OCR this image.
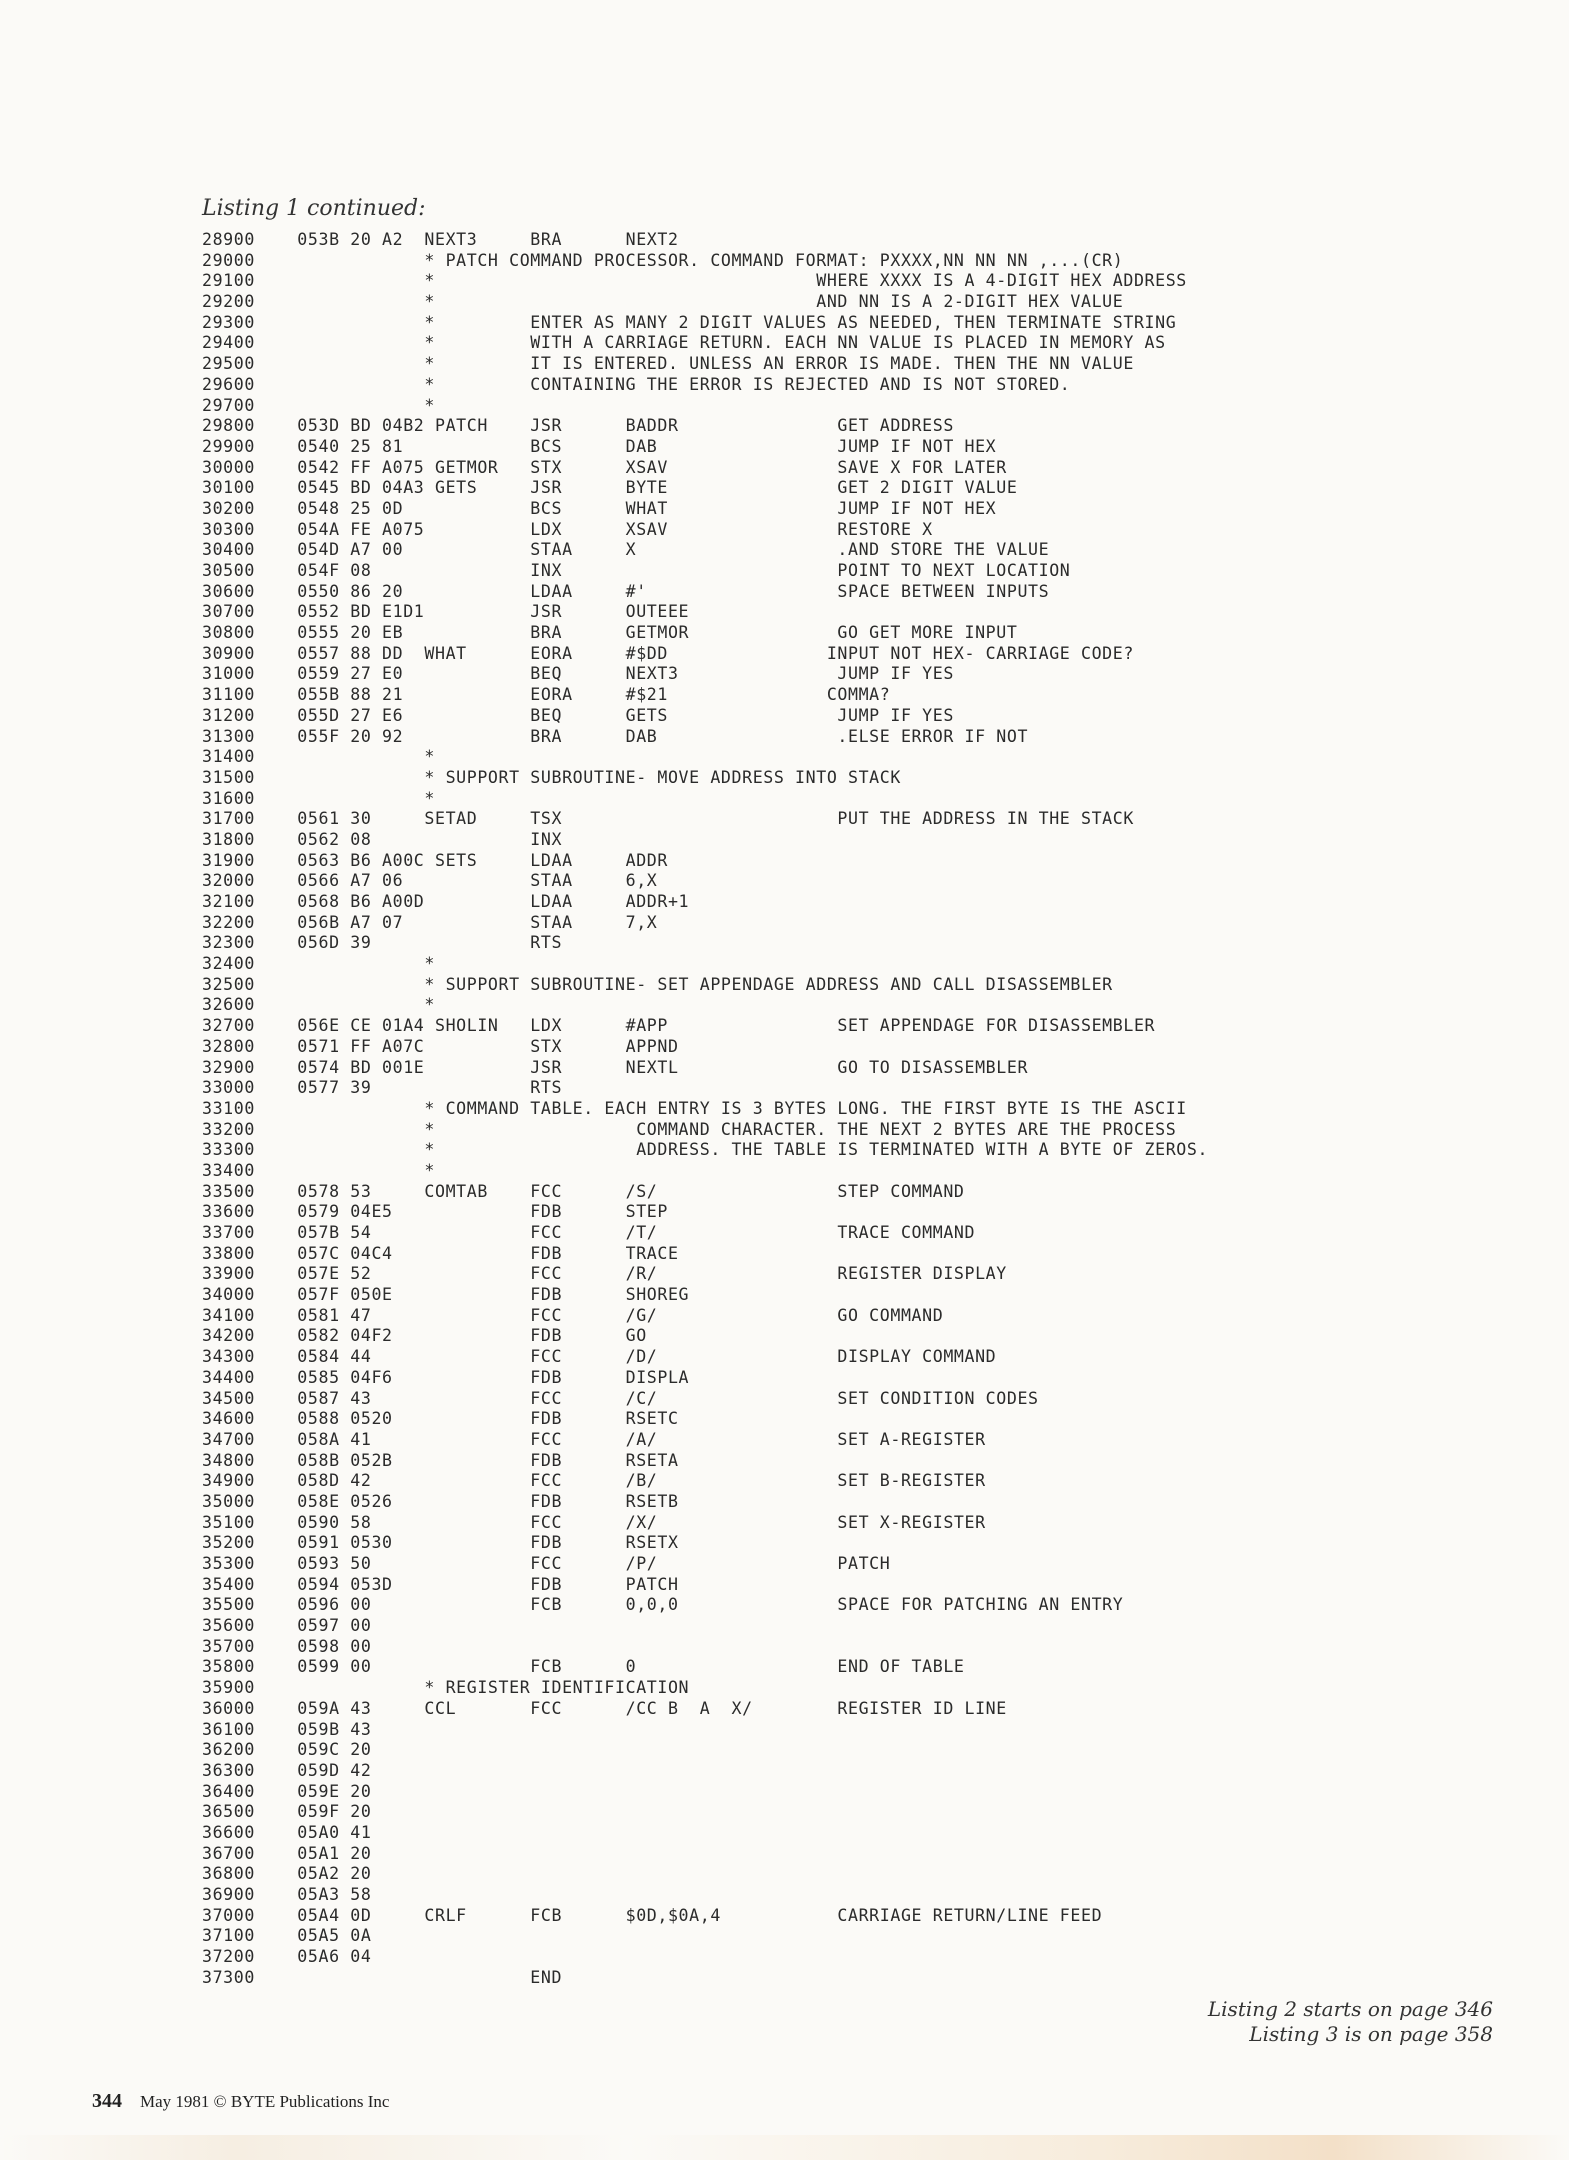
Listing 1 continued:
28900    053B 20 A2  NEXT3     BRA      NEXT2
29000                * PATCH COMMAND PROCESSOR. COMMAND FORMAT: PXXXX,NN NN NN ,...(CR)
29100                *                                    WHERE XXXX IS A 4-DIGIT HEX ADDRESS
29200                *                                    AND NN IS A 2-DIGIT HEX VALUE
29300                *         ENTER AS MANY 2 DIGIT VALUES AS NEEDED, THEN TERMINATE STRING
29400                *         WITH A CARRIAGE RETURN. EACH NN VALUE IS PLACED IN MEMORY AS
29500                *         IT IS ENTERED. UNLESS AN ERROR IS MADE. THEN THE NN VALUE
29600                *         CONTAINING THE ERROR IS REJECTED AND IS NOT STORED.
29700                *
29800    053D BD 04B2 PATCH    JSR      BADDR               GET ADDRESS
29900    0540 25 81            BCS      DAB                 JUMP IF NOT HEX
30000    0542 FF A075 GETMOR   STX      XSAV                SAVE X FOR LATER
30100    0545 BD 04A3 GETS     JSR      BYTE                GET 2 DIGIT VALUE
30200    0548 25 0D            BCS      WHAT                JUMP IF NOT HEX
30300    054A FE A075          LDX      XSAV                RESTORE X
30400    054D A7 00            STAA     X                   .AND STORE THE VALUE
30500    054F 08               INX                          POINT TO NEXT LOCATION
30600    0550 86 20            LDAA     #'                  SPACE BETWEEN INPUTS
30700    0552 BD E1D1          JSR      OUTEEE
30800    0555 20 EB            BRA      GETMOR              GO GET MORE INPUT
30900    0557 88 DD  WHAT      EORA     #$DD               INPUT NOT HEX- CARRIAGE CODE?
31000    0559 27 E0            BEQ      NEXT3               JUMP IF YES
31100    055B 88 21            EORA     #$21               COMMA?
31200    055D 27 E6            BEQ      GETS                JUMP IF YES
31300    055F 20 92            BRA      DAB                 .ELSE ERROR IF NOT
31400                *
31500                * SUPPORT SUBROUTINE- MOVE ADDRESS INTO STACK
31600                *
31700    0561 30     SETAD     TSX                          PUT THE ADDRESS IN THE STACK
31800    0562 08               INX
31900    0563 B6 A00C SETS     LDAA     ADDR
32000    0566 A7 06            STAA     6,X
32100    0568 B6 A00D          LDAA     ADDR+1
32200    056B A7 07            STAA     7,X
32300    056D 39               RTS
32400                *
32500                * SUPPORT SUBROUTINE- SET APPENDAGE ADDRESS AND CALL DISASSEMBLER
32600                *
32700    056E CE 01A4 SHOLIN   LDX      #APP                SET APPENDAGE FOR DISASSEMBLER
32800    0571 FF A07C          STX      APPND
32900    0574 BD 001E          JSR      NEXTL               GO TO DISASSEMBLER
33000    0577 39               RTS
33100                * COMMAND TABLE. EACH ENTRY IS 3 BYTES LONG. THE FIRST BYTE IS THE ASCII
33200                *                   COMMAND CHARACTER. THE NEXT 2 BYTES ARE THE PROCESS
33300                *                   ADDRESS. THE TABLE IS TERMINATED WITH A BYTE OF ZEROS.
33400                *
33500    0578 53     COMTAB    FCC      /S/                 STEP COMMAND
33600    0579 04E5             FDB      STEP
33700    057B 54               FCC      /T/                 TRACE COMMAND
33800    057C 04C4             FDB      TRACE
33900    057E 52               FCC      /R/                 REGISTER DISPLAY
34000    057F 050E             FDB      SHOREG
34100    0581 47               FCC      /G/                 GO COMMAND
34200    0582 04F2             FDB      GO
34300    0584 44               FCC      /D/                 DISPLAY COMMAND
34400    0585 04F6             FDB      DISPLA
34500    0587 43               FCC      /C/                 SET CONDITION CODES
34600    0588 0520             FDB      RSETC
34700    058A 41               FCC      /A/                 SET A-REGISTER
34800    058B 052B             FDB      RSETA
34900    058D 42               FCC      /B/                 SET B-REGISTER
35000    058E 0526             FDB      RSETB
35100    0590 58               FCC      /X/                 SET X-REGISTER
35200    0591 0530             FDB      RSETX
35300    0593 50               FCC      /P/                 PATCH
35400    0594 053D             FDB      PATCH
35500    0596 00               FCB      0,0,0               SPACE FOR PATCHING AN ENTRY
35600    0597 00
35700    0598 00
35800    0599 00               FCB      0                   END OF TABLE
35900                * REGISTER IDENTIFICATION
36000    059A 43     CCL       FCC      /CC B  A  X/        REGISTER ID LINE
36100    059B 43
36200    059C 20
36300    059D 42
36400    059E 20
36500    059F 20
36600    05A0 41
36700    05A1 20
36800    05A2 20
36900    05A3 58
37000    05A4 0D     CRLF      FCB      $0D,$0A,4           CARRIAGE RETURN/LINE FEED
37100    05A5 0A
37200    05A6 04
37300                          END
Listing 2 starts on page 346
Listing 3 is on page 358
344 May 1981 © BYTE Publications Inc
